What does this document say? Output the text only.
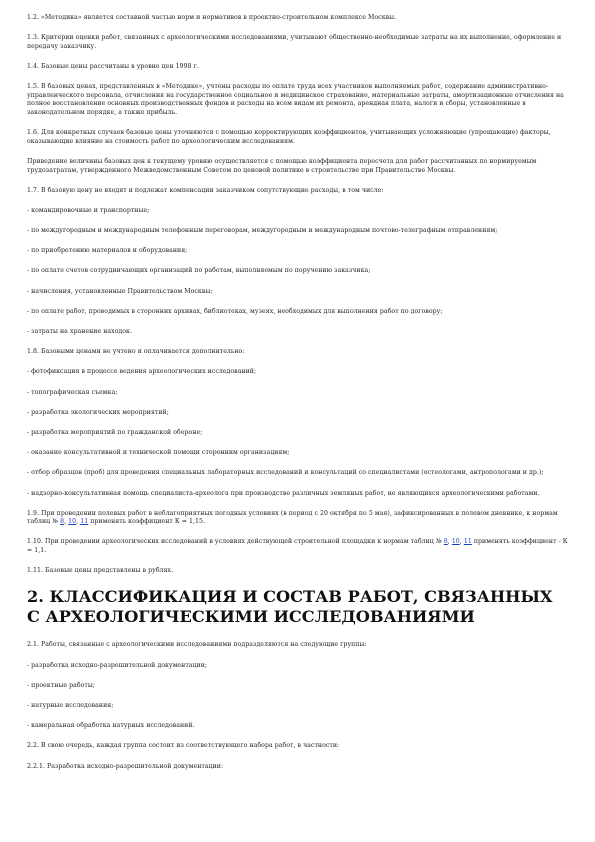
1.2. «Методика» является составной частью норм и нормативов в проектно-строительном комплексе Москвы.

1.3. Критерии оценки работ, связанных с археологическими исследованиями, учитывают общественно-необходимые затраты на их выполнение, оформление и передачу заказчику.

1.4. Базовые цены рассчитаны в уровне цен 1998 г.

1.5. В базовых ценах, представленных в «Методике», учтены расходы по оплате труда всех участников выполняемых работ, содержание административно-управленческого персонала, отчисления на государственное социальное и медицинское страхование, материальные затраты, амортизационные отчисления на полное восстановление основных производственных фондов и расходы на всем видам их ремонта, арендная плата, налоги и сборы, установленные в законодательном порядке, а также прибыль.

1.6. Для конкретных случаев базовые цены уточняются с помощью корректирующих коэффициентов, учитывающих усложняющие (упрощающие) факторы, оказывающие влияние на стоимость работ по археологическим исследованиям.

Приведение величины базовых цен к текущему уровню осуществляется с помощью коэффициента пересчета для работ рассчитанных по нормируемым трудозатратам, утвержденного Межведомственным Советом по ценовой политике в строительстве при Правительстве Москвы.

1.7. В базовую цену не входят и подлежат компенсации заказчиком сопутствующие расходы, в том числе:

- командировочные и транспортные;

- по междугородным и международным телефонным переговорам, междугородным и международным почтово-телеграфным отправлениям;

- по приобретению материалов и оборудования;

- по оплате счетов сотрудничающих организаций по работам, выполняемым по поручению заказчика;

- начисления, установленные Правительством Москвы;

- по оплате работ, проводимых в сторонних архивах, библиотеках, музеях, необходимых для выполнения работ по договору;

- затраты на хранение находок.

1.8. Базовыми ценами не учтено и оплачивается дополнительно:

- фотофиксация в процессе ведения археологических исследований;

- топографическая съемка;

- разработка экологических мероприятий;

- разработка мероприятий по гражданской обороне;

- оказание консультативной и технической помощи сторонним организациям;

- отбор образцов (проб) для проведения специальных лабораторных исследований и консультаций со специалистами (остеологами, антропологами и др.);

- надзорно-консультативная помощь специалиста-археолога при производстве различных земляных работ, не являющихся археологическими работами.

1.9. При проведении полевых работ в неблагоприятных погодных условиях (в период с 20 октября по 5 мая), зафиксированных в полевом дневнике, к нормам таблиц № 8, 10, 11 применять коэффициент К = 1,15.

1.10. При проведении археологических исследований в условиях действующей строительной площадки к нормам таблиц № 8, 10, 11 применять коэффициент - К = 1,1.

1.11. Базовые цены представлены в рублях.

2. КЛАССИФИКАЦИЯ И СОСТАВ РАБОТ, СВЯЗАННЫХ С АРХЕОЛОГИЧЕСКИМИ ИССЛЕДОВАНИЯМИ

2.1. Работы, связанные с археологическими исследованиями подразделяются на следующие группы:

- разработка исходно-разрешительной документации;

- проектные работы;

- натурные исследования;

- камеральная обработка натурных исследований.

2.2. В свою очередь, каждая группа состоит из соответствующего набора работ, в частности:

2.2.1. Разработка исходно-разрешительной документации:
